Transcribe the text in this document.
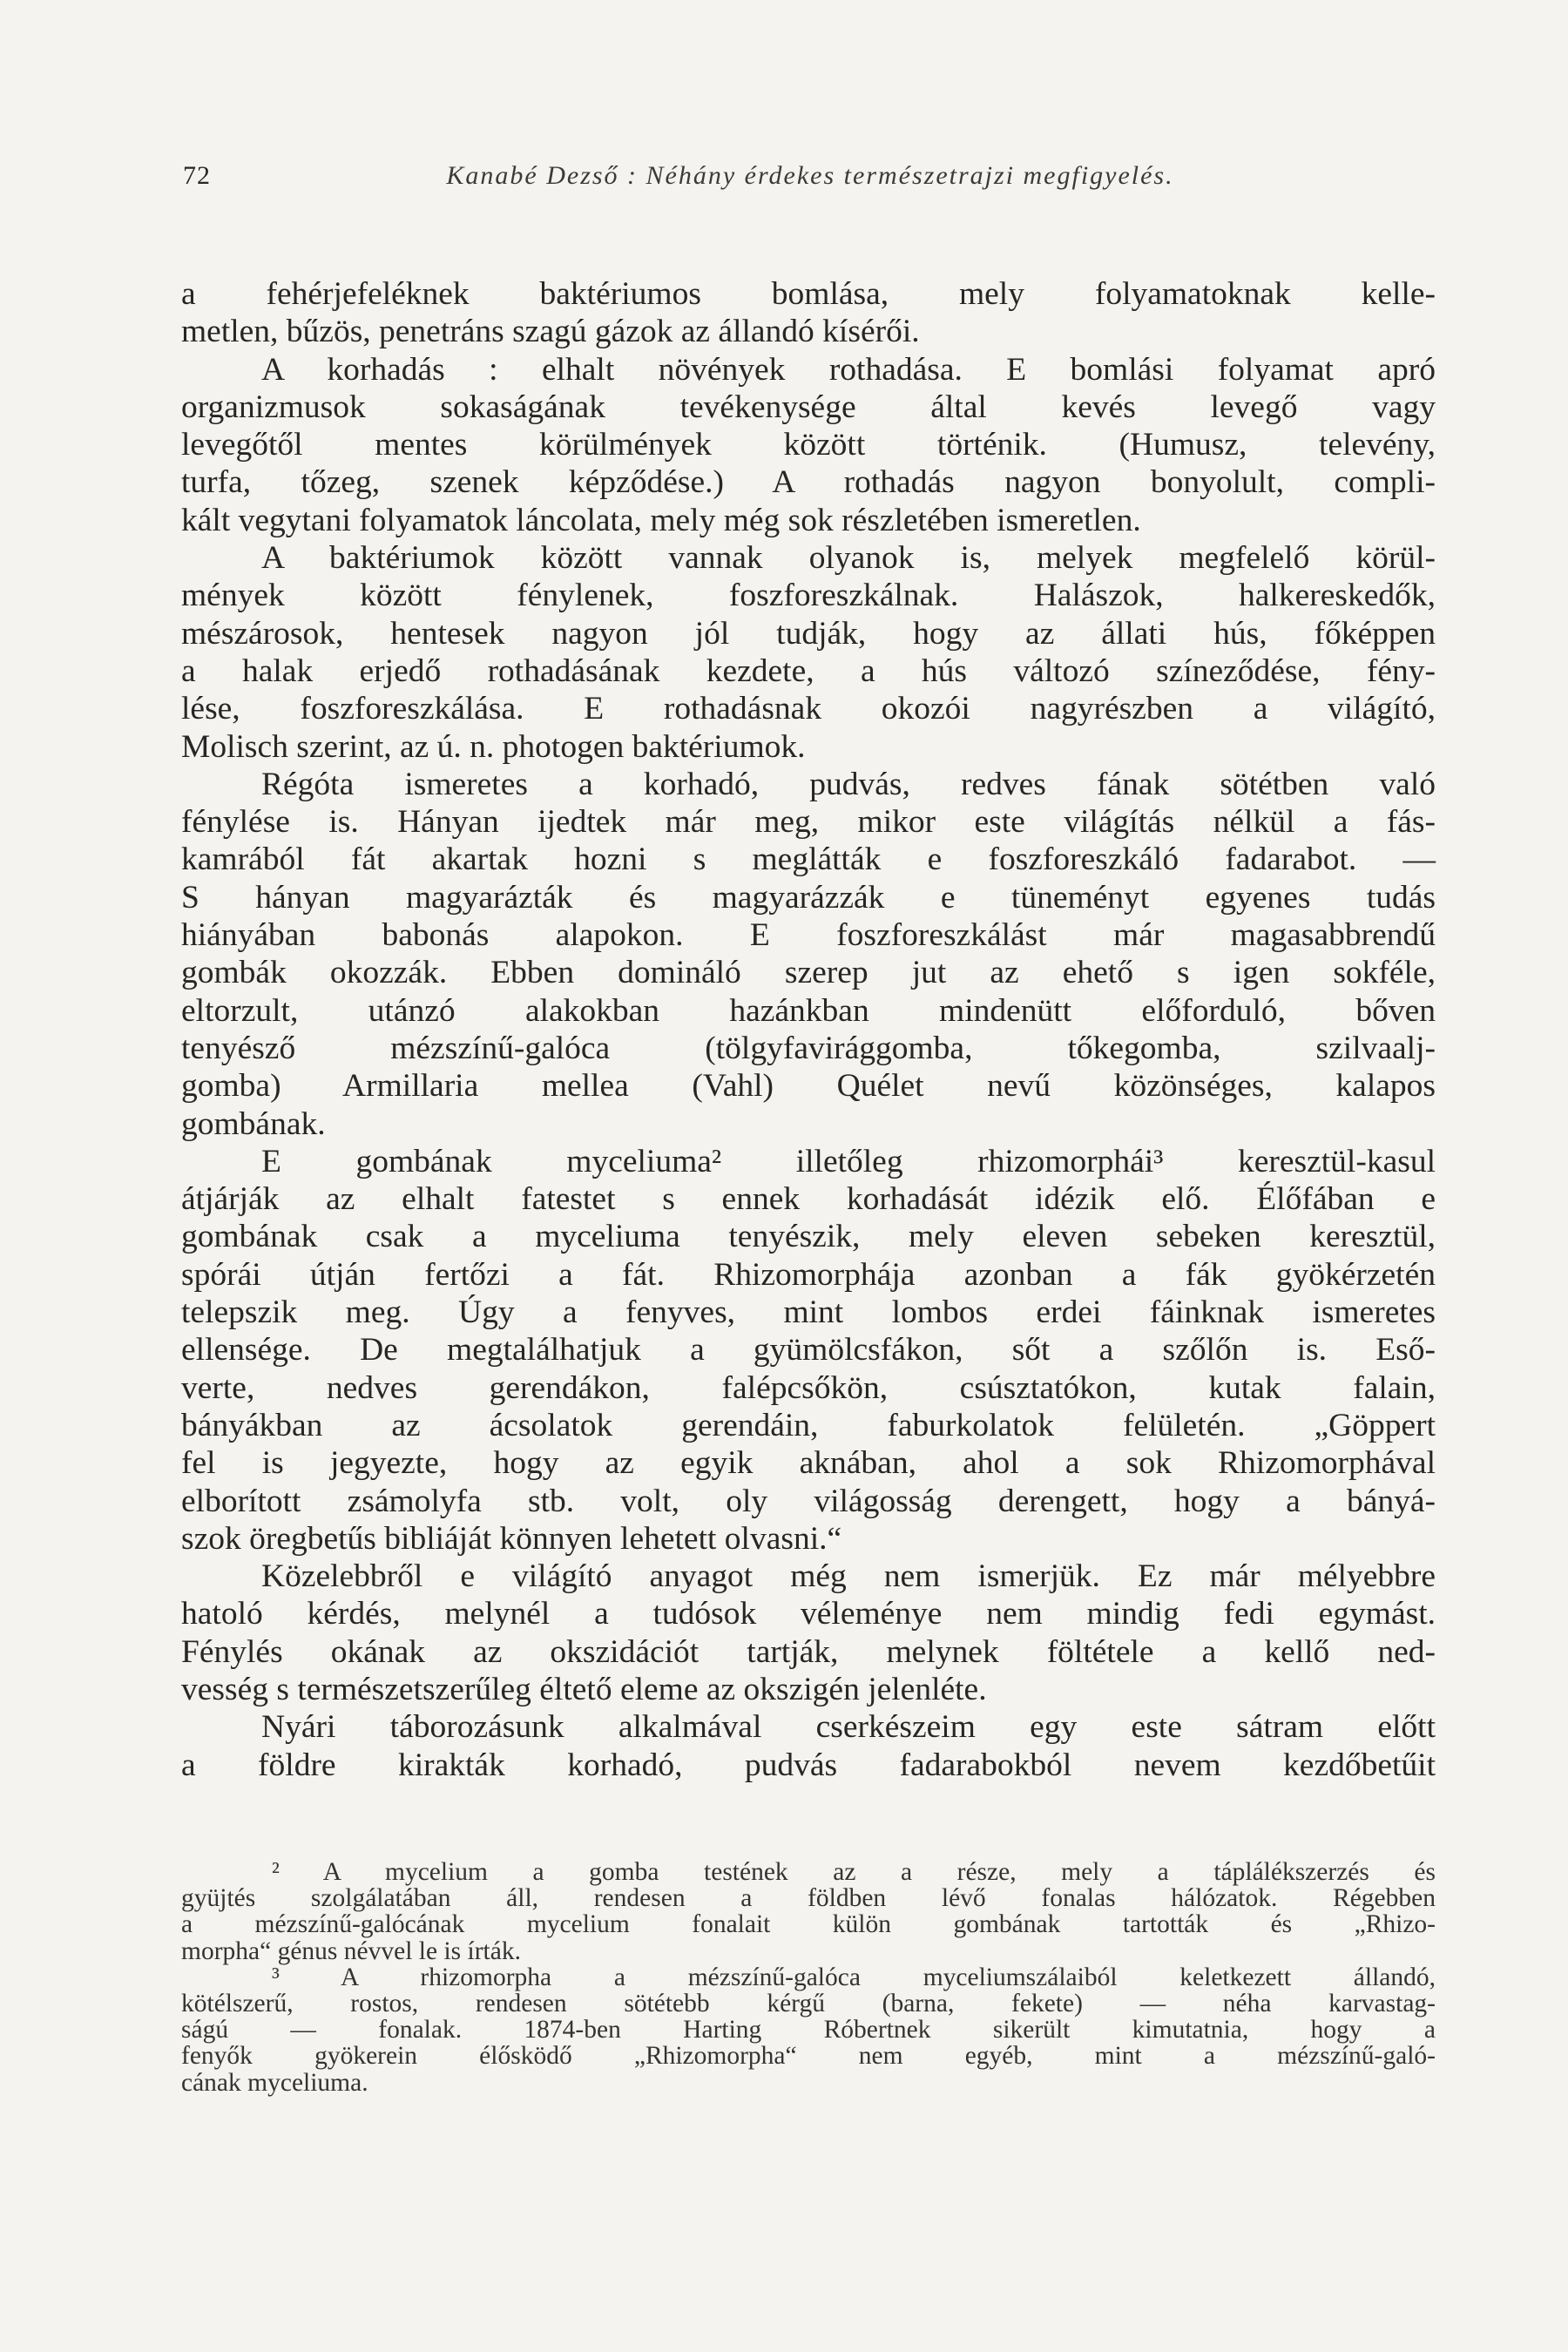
72	Kanabé Dezső : Néhány érdekes természetrajzi megfigyelés.

a fehérjefeléknek baktériumos bomlása, mely folyamatoknak kelle-

metlen, bűzös, penetráns szagú gázok az állandó kísérői.

A korhadás : elhalt növények rothadása. E bomlási folyamat apró

organizmusok sokaságának tevékenysége által kevés levegő vagy

levegőtől mentes körülmények között történik. (Humusz, televény,

turfa, tőzeg, szenek képződése.) A rothadás nagyon bonyolult, compli-

kált vegytani folyamatok láncolata, mely még sok részletében ismeretlen.

A baktériumok között vannak olyanok is, melyek megfelelő körül-

mények között fénylenek, foszforeszkálnak. Halászok, halkereskedők,

mészárosok, hentesek nagyon jól tudják, hogy az állati hús, főképpen

a halak erjedő rothadásának kezdete, a hús változó színeződése, fény-

lése, foszforeszkálása. E rothadásnak okozói nagyrészben a világító,

Molisch szerint, az ú. n. photogen baktériumok.

Régóta ismeretes a korhadó, pudvás, redves fának sötétben való

fénylése is. Hányan ijedtek már meg, mikor este világítás nélkül a fás-

kamrából fát akartak hozni s meglátták e foszforeszkáló fadarabot. —

S hányan magyarázták és magyarázzák e tüneményt egyenes tudás

hiányában babonás alapokon. E foszforeszkálást már magasabbrendű

gombák okozzák. Ebben domináló szerep jut az ehető s igen sokféle,

eltorzult, utánzó alakokban hazánkban mindenütt előforduló, bőven

tenyésző mézszínű-galóca (tölgyfavirággomba, tőkegomba, szilvaalj-

gomba) Armillaria mellea (Vahl) Quélet nevű közönséges, kalapos

gombának.

E gombának myceliuma² illetőleg rhizomorphái³ keresztül-kasul

átjárják az elhalt fatestet s ennek korhadását idézik elő. Élőfában e

gombának csak a myceliuma tenyészik, mely eleven sebeken keresztül,

spórái útján fertőzi a fát. Rhizomorphája azonban a fák gyökérzetén

telepszik meg. Úgy a fenyves, mint lombos erdei fáinknak ismeretes

ellensége. De megtalálhatjuk a gyümölcsfákon, sőt a szőlőn is. Eső-

verte, nedves gerendákon, falépcsőkön, csúsztatókon, kutak falain,

bányákban az ácsolatok gerendáin, faburkolatok felületén. „Göppert

fel is jegyezte, hogy az egyik aknában, ahol a sok Rhizomorphával

elborított zsámolyfa stb. volt, oly világosság derengett, hogy a bányá-

szok öregbetűs bibliáját könnyen lehetett olvasni.“

Közelebbről e világító anyagot még nem ismerjük. Ez már mélyebbre

hatoló kérdés, melynél a tudósok véleménye nem mindig fedi egymást.

Fénylés okának az okszidációt tartják, melynek föltétele a kellő ned-

vesség s természetszerűleg éltető eleme az okszigén jelenléte.

Nyári táborozásunk alkalmával cserkészeim egy este sátram előtt

a földre kirakták korhadó, pudvás fadarabokból nevem kezdőbetűit

² A mycelium a gomba testének az a része, mely a táplálékszerzés és

gyüjtés szolgálatában áll, rendesen a földben lévő fonalas hálózatok. Régebben

a mézszínű-galócának mycelium fonalait külön gombának tartották és „Rhizo-

morpha“ génus névvel le is írták.

³ A rhizomorpha a mézszínű-galóca myceliumszálaiból keletkezett állandó,

kötélszerű, rostos, rendesen sötétebb kérgű (barna, fekete) — néha karvastag-

ságú — fonalak. 1874-ben Harting Róbertnek sikerült kimutatnia, hogy a

fenyők gyökerein élősködő „Rhizomorpha“ nem egyéb, mint a mézszínű-galó-

cának myceliuma.
